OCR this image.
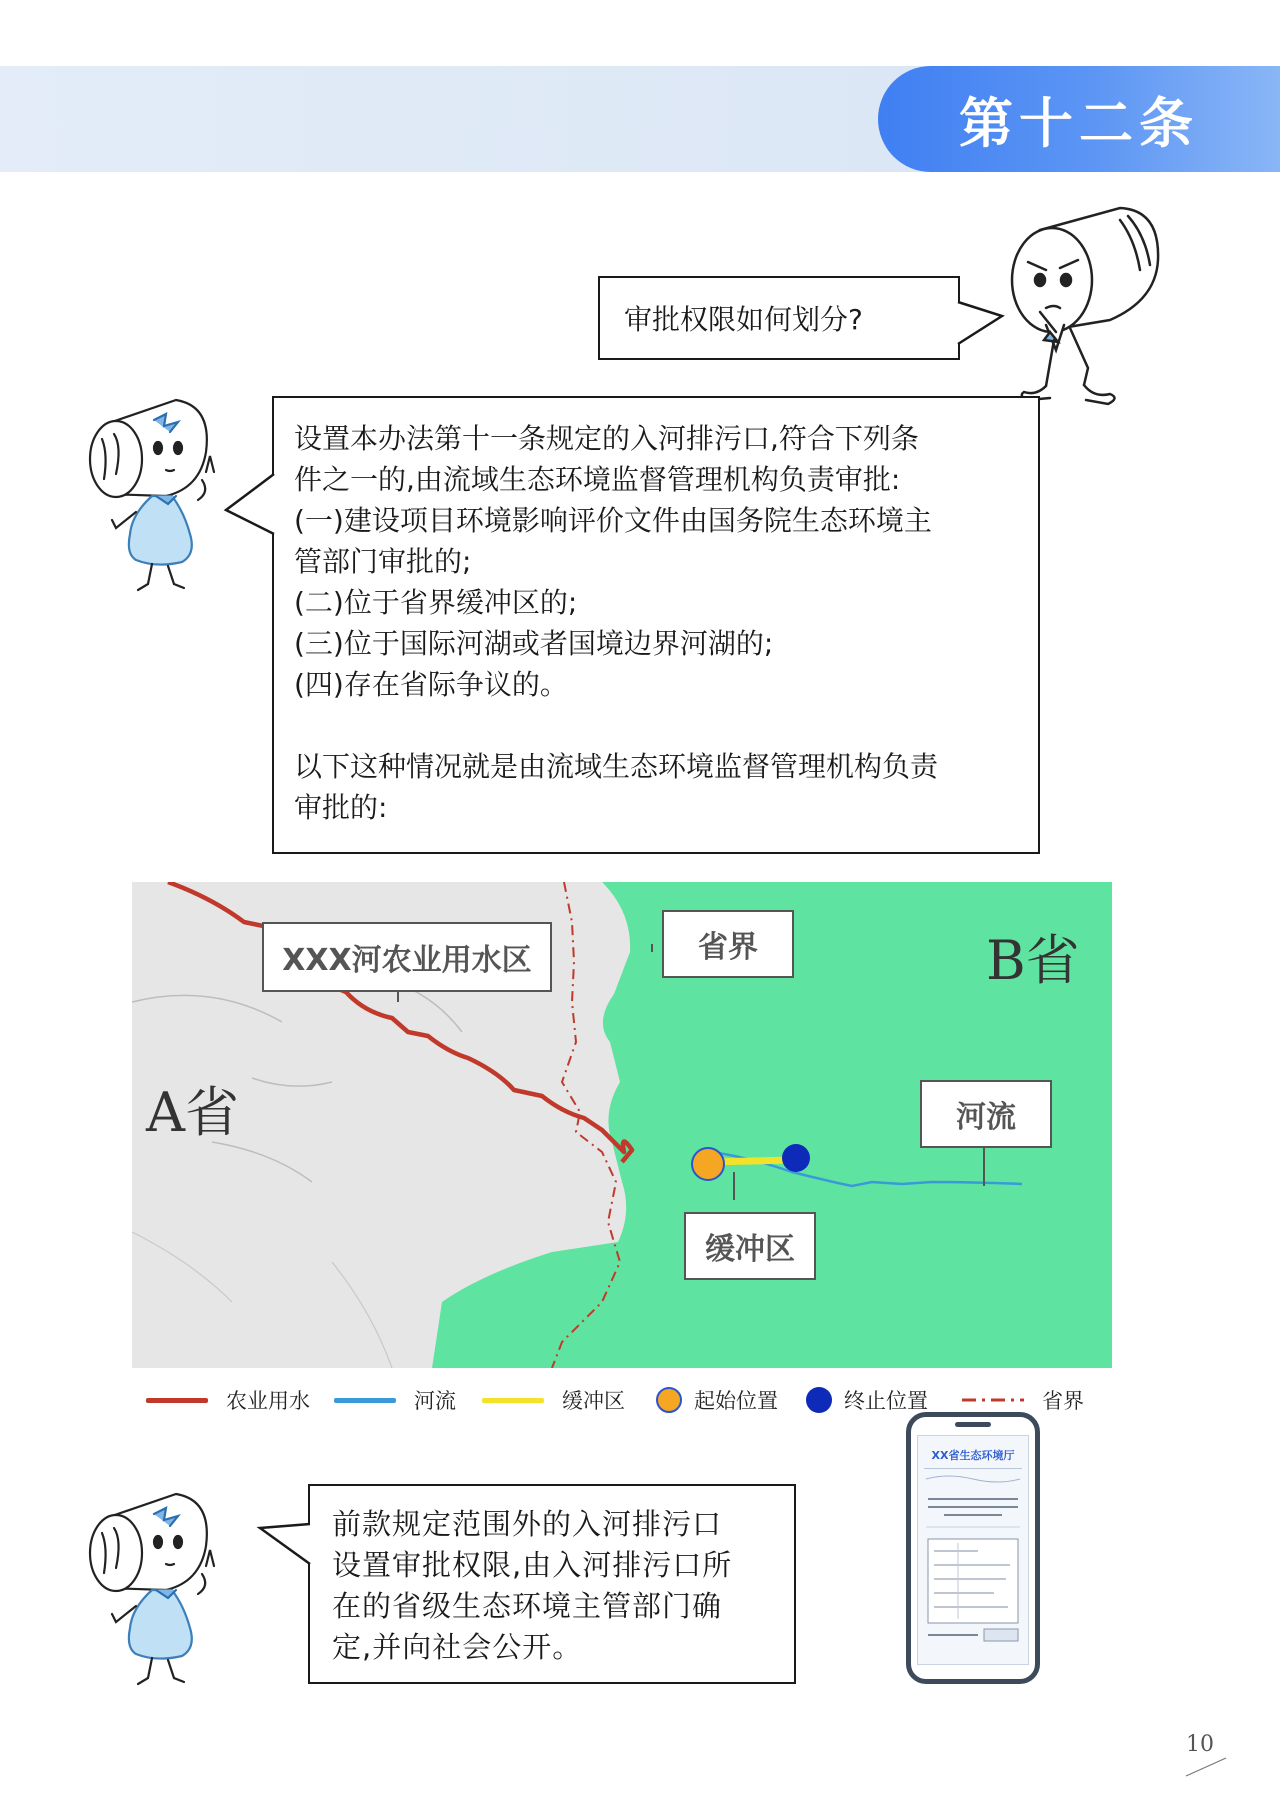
第十二条

审批权限如何划分?

设置本办法第十一条规定的入河排污口,符合下列条

件之一的,由流域生态环境监督管理机构负责审批:

(一)建设项目环境影响评价文件由国务院生态环境主

管部门审批的;

(二)位于省界缓冲区的;

(三)位于国际河湖或者国境边界河湖的;

(四)存在省际争议的。

以下这种情况就是由流域生态环境监督管理机构负责

审批的:

A省
B省
XXX河农业用水区	省界
河流
缓冲区
农业用水	河流	缓冲区	起始位置	终止位置	省界

前款规定范围外的入河排污口

设置审批权限,由入河排污口所

在的省级生态环境主管部门确

定,并向社会公开。

XX省生态环境厅
10
